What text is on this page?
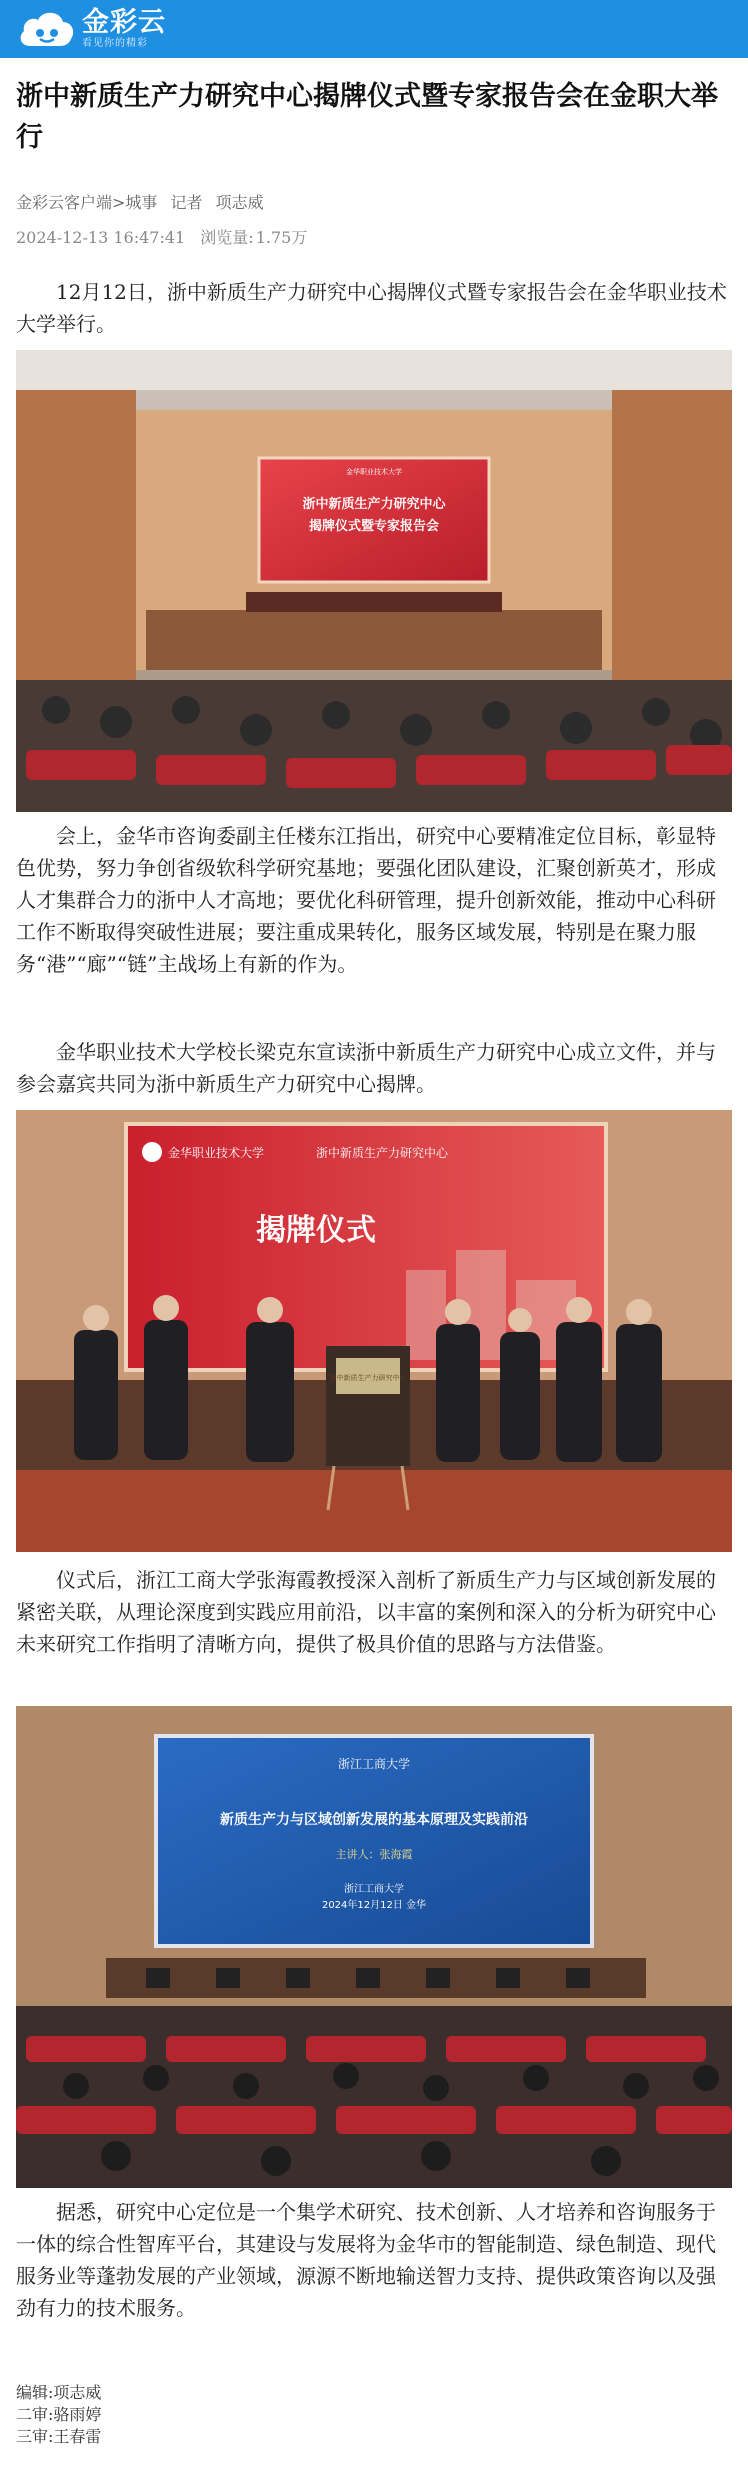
金彩云
看见你的精彩
浙中新质生产力研究中心揭牌仪式暨专家报告会在金职大举行
金彩云客户端>城事 记者 项志威
2024-12-13 16:47:41 浏览量: 1.75万

12月12日，浙中新质生产力研究中心揭牌仪式暨专家报告会在金华职业技术大学举行。

金华职业技术大学
浙中新质生产力研究中心
揭牌仪式暨专家报告会

会上，金华市咨询委副主任楼东江指出，研究中心要精准定位目标，彰显特色优势，努力争创省级软科学研究基地；要强化团队建设，汇聚创新英才，形成人才集群合力的浙中人才高地；要优化科研管理，提升创新效能，推动中心科研工作不断取得突破性进展；要注重成果转化，服务区域发展，特别是在聚力服务“港”“廊”“链”主战场上有新的作为。

金华职业技术大学校长梁克东宣读浙中新质生产力研究中心成立文件，并与参会嘉宾共同为浙中新质生产力研究中心揭牌。

金华职业技术大学	浙中新质生产力研究中心
揭牌仪式
浙中新质生产力研究中心

仪式后，浙江工商大学张海霞教授深入剖析了新质生产力与区域创新发展的紧密关联，从理论深度到实践应用前沿，以丰富的案例和深入的分析为研究中心未来研究工作指明了清晰方向，提供了极具价值的思路与方法借鉴。

浙江工商大学
新质生产力与区域创新发展的基本原理及实践前沿
主讲人：张海霞
浙江工商大学
2024年12月12日 金华

据悉，研究中心定位是一个集学术研究、技术创新、人才培养和咨询服务于一体的综合性智库平台，其建设与发展将为金华市的智能制造、绿色制造、现代服务业等蓬勃发展的产业领域，源源不断地输送智力支持、提供政策咨询以及强劲有力的技术服务。

编辑:项志威
二审:骆雨婷
三审:王春雷
